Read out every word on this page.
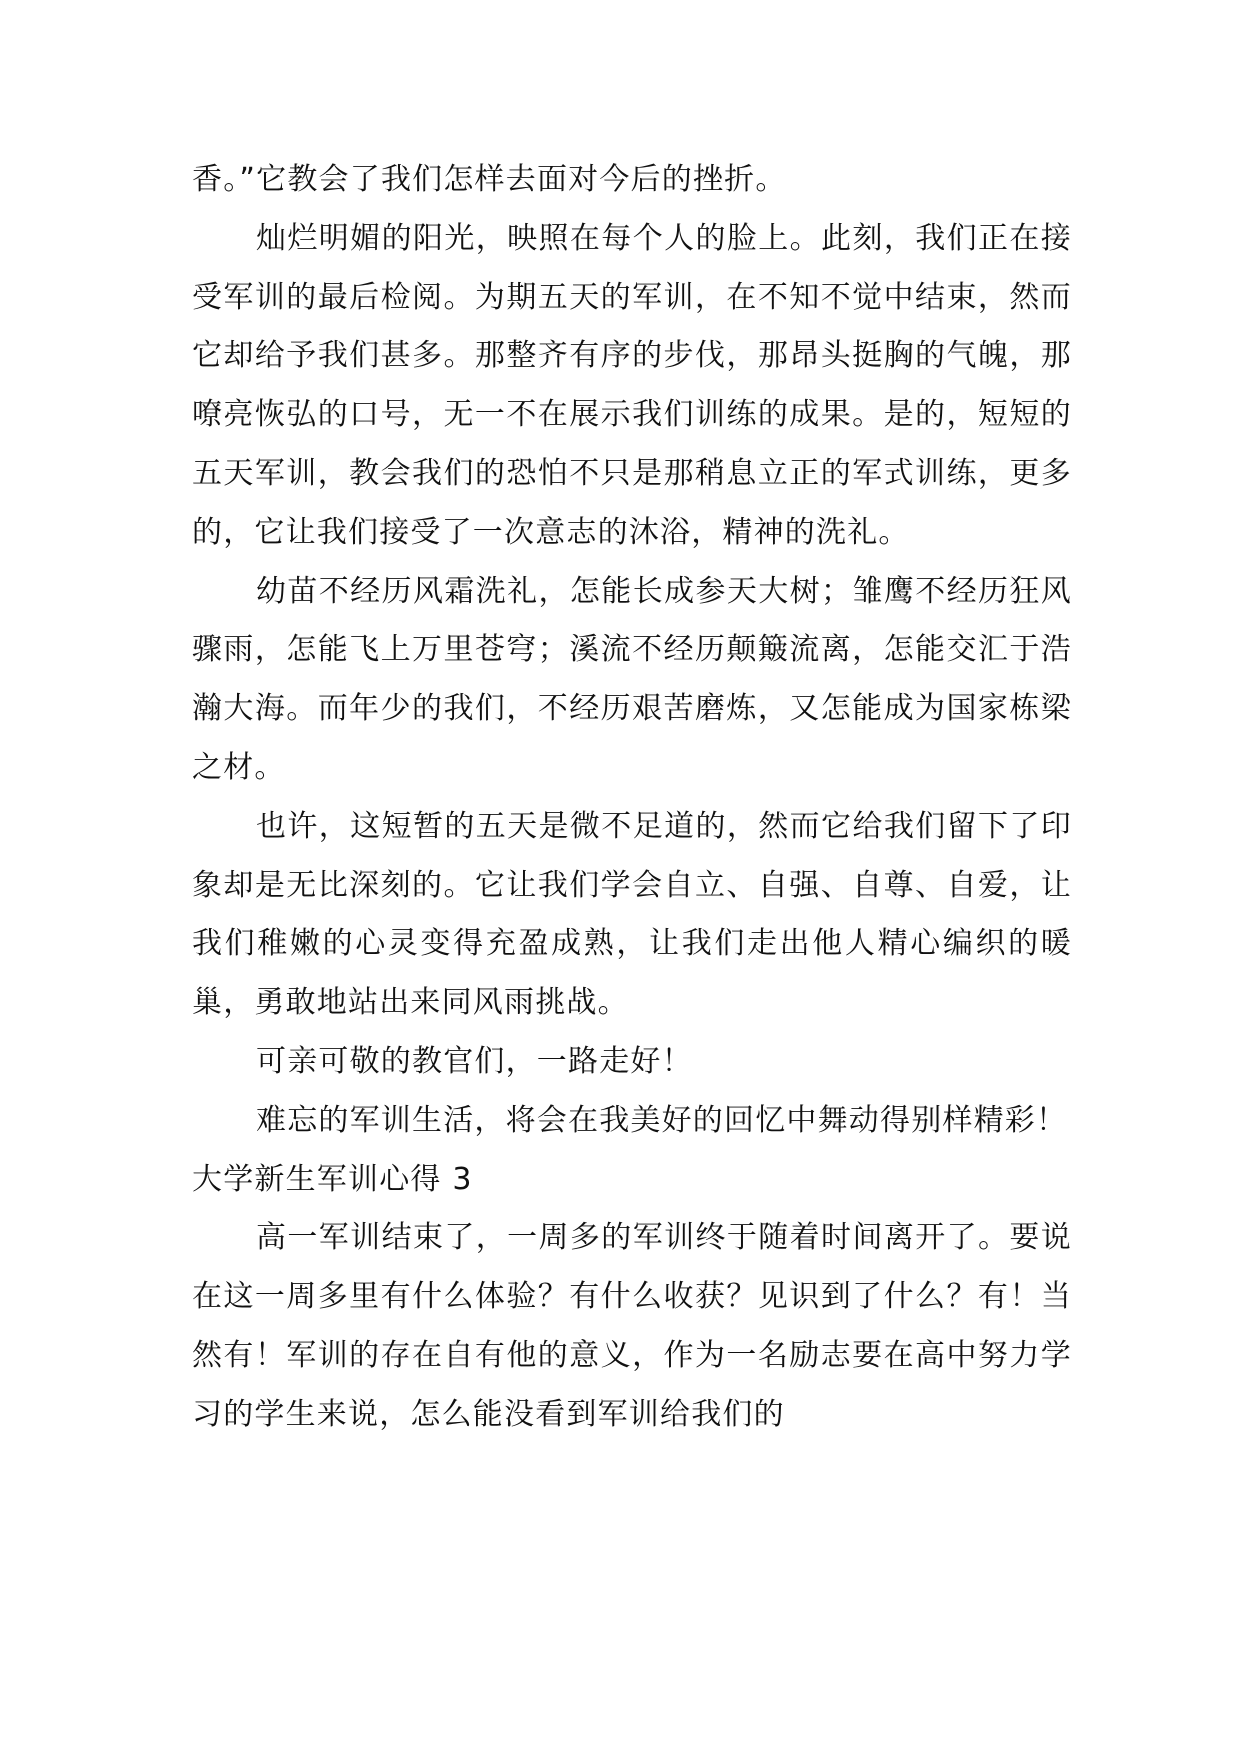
香。”它教会了我们怎样去面对今后的挫折。

灿烂明媚的阳光，映照在每个人的脸上。此刻，我们正在接受军训的最后检阅。为期五天的军训，在不知不觉中结束，然而它却给予我们甚多。那整齐有序的步伐，那昂头挺胸的气魄，那嘹亮恢弘的口号，无一不在展示我们训练的成果。是的，短短的五天军训，教会我们的恐怕不只是那稍息立正的军式训练，更多的，它让我们接受了一次意志的沐浴，精神的洗礼。

幼苗不经历风霜洗礼，怎能长成参天大树；雏鹰不经历狂风骤雨，怎能飞上万里苍穹；溪流不经历颠簸流离，怎能交汇于浩瀚大海。而年少的我们，不经历艰苦磨炼，又怎能成为国家栋梁之材。

也许，这短暂的五天是微不足道的，然而它给我们留下了印象却是无比深刻的。它让我们学会自立、自强、自尊、自爱，让我们稚嫩的心灵变得充盈成熟，让我们走出他人精心编织的暖巢，勇敢地站出来同风雨挑战。

可亲可敬的教官们，一路走好！

难忘的军训生活，将会在我美好的回忆中舞动得别样精彩！

大学新生军训心得 3

高一军训结束了，一周多的军训终于随着时间离开了。要说在这一周多里有什么体验？有什么收获？见识到了什么？有！当然有！军训的存在自有他的意义，作为一名励志要在高中努力学习的学生来说，怎么能没看到军训给我们的
